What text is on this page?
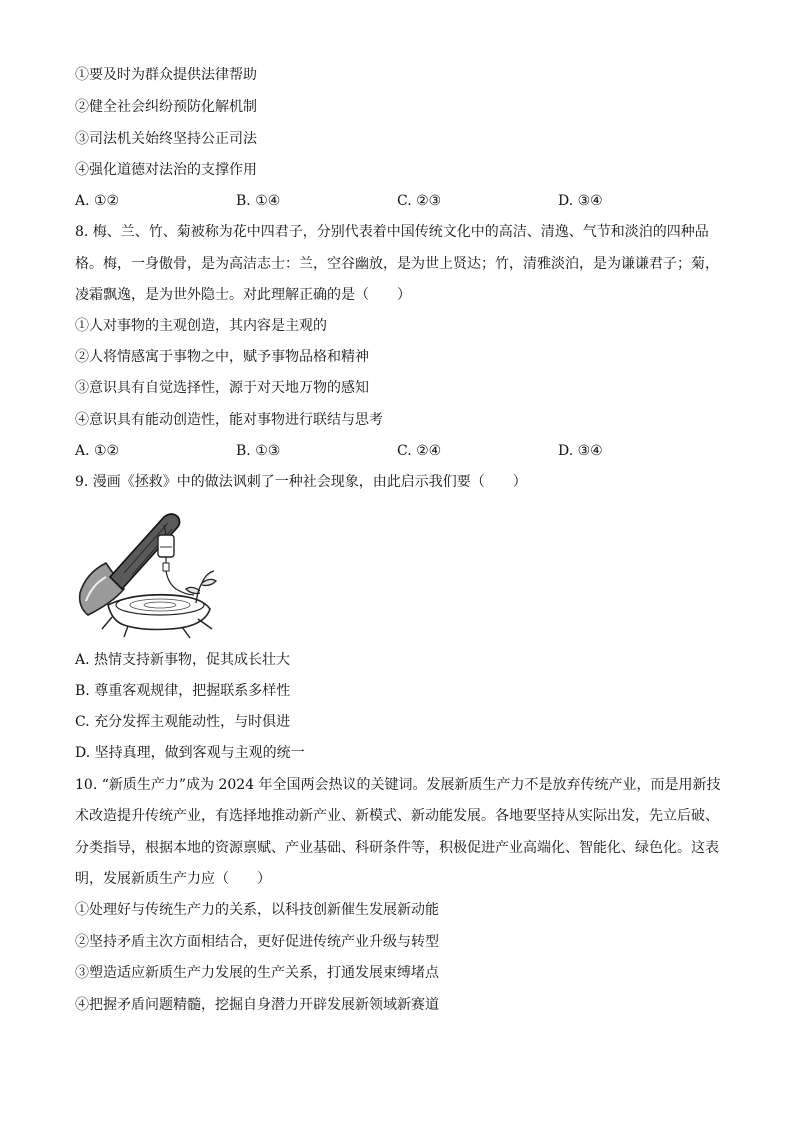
①要及时为群众提供法律帮助
②健全社会纠纷预防化解机制
③司法机关始终坚持公正司法
④强化道德对法治的支撑作用
A. ①②	B. ①④	C. ②③	D. ③④
8. 梅、兰、竹、菊被称为花中四君子，分别代表着中国传统文化中的高洁、清逸、气节和淡泊的四种品
格。梅，一身傲骨，是为高洁志士：兰，空谷幽放，是为世上贤达；竹，清雅淡泊，是为谦谦君子；菊，
凌霜飘逸，是为世外隐士。对此理解正确的是（　　）
①人对事物的主观创造，其内容是主观的
②人将情感寓于事物之中，赋予事物品格和精神
③意识具有自觉选择性，源于对天地万物的感知
④意识具有能动创造性，能对事物进行联结与思考
A. ①②	B. ①③	C. ②④	D. ③④
9. 漫画《拯救》中的做法讽刺了一种社会现象，由此启示我们要（　　）
A. 热情支持新事物，促其成长壮大
B. 尊重客观规律，把握联系多样性
C. 充分发挥主观能动性，与时俱进
D. 坚持真理，做到客观与主观的统一
10. “新质生产力”成为 2024 年全国两会热议的关键词。发展新质生产力不是放弃传统产业，而是用新技
术改造提升传统产业，有选择地推动新产业、新模式、新动能发展。各地要坚持从实际出发，先立后破、
分类指导，根据本地的资源禀赋、产业基础、科研条件等，积极促进产业高端化、智能化、绿色化。这表
明，发展新质生产力应（　　）
①处理好与传统生产力的关系，以科技创新催生发展新动能
②坚持矛盾主次方面相结合，更好促进传统产业升级与转型
③塑造适应新质生产力发展的生产关系，打通发展束缚堵点
④把握矛盾问题精髓，挖掘自身潜力开辟发展新领域新赛道
